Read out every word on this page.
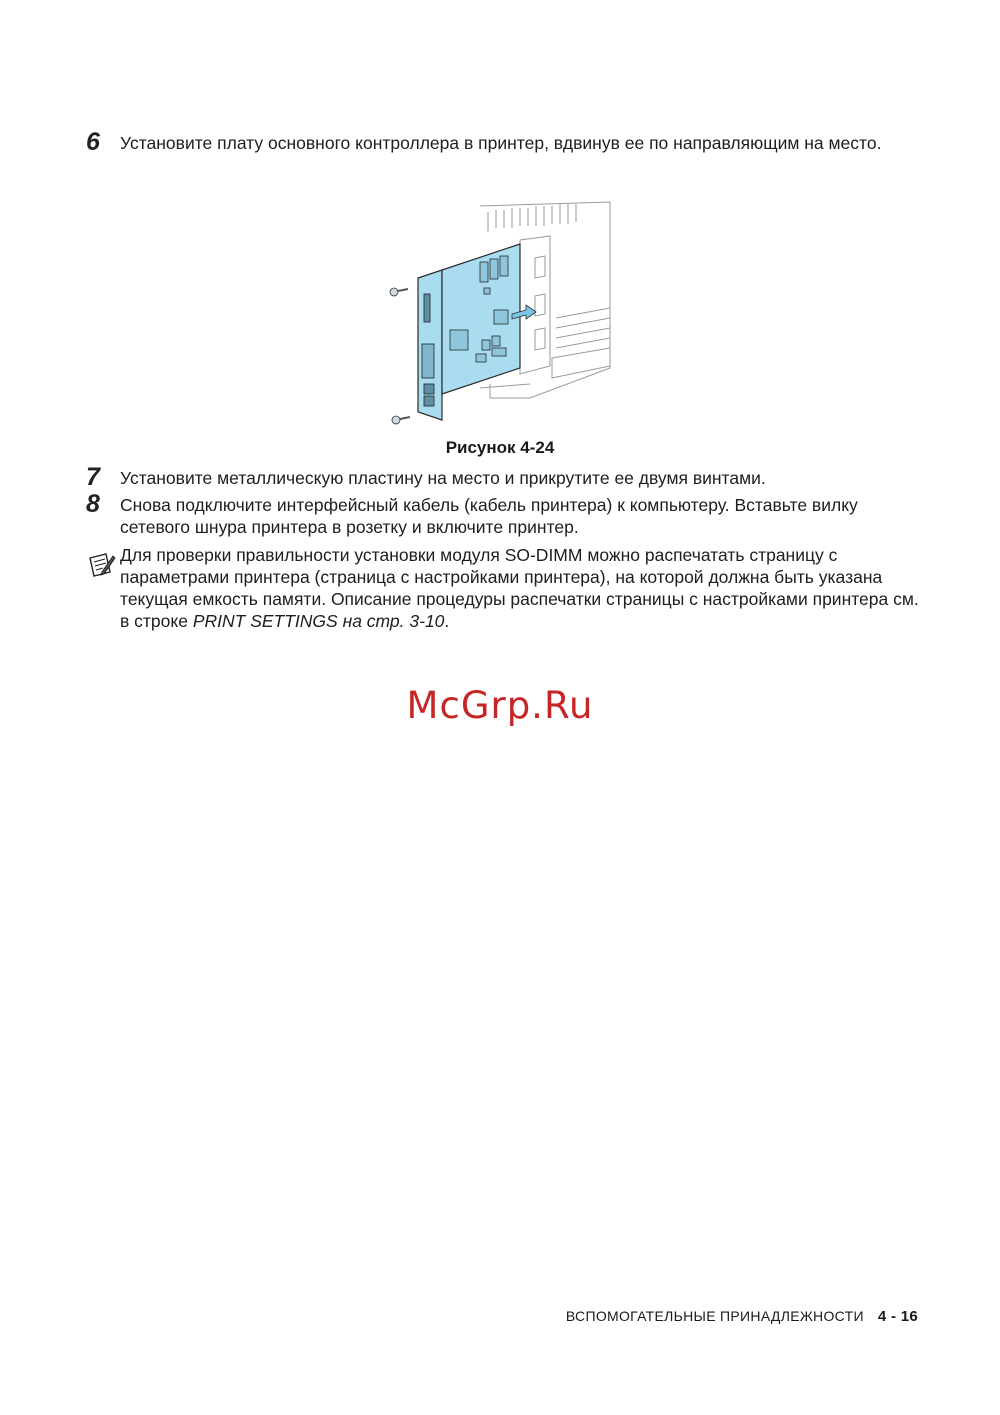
6 Установите плату основного контроллера в принтер, вдвинув ее по направляющим на место.
Рисунок 4-24
7 Установите металлическую пластину на место и прикрутите ее двумя винтами.
8 Снова подключите интерфейсный кабель (кабель принтера) к компьютеру. Вставьте вилку сетевого шнура принтера в розетку и включите принтер.
Для проверки правильности установки модуля SO-DIMM можно распечатать страницу с параметрами принтера (страница с настройками принтера), на которой должна быть указана текущая емкость памяти. Описание процедуры распечатки страницы с настройками принтера см. в строке PRINT SETTINGS на стр. 3-10.
McGrp.Ru
ВСПОМОГАТЕЛЬНЫЕ ПРИНАДЛЕЖНОСТИ 4 - 16
